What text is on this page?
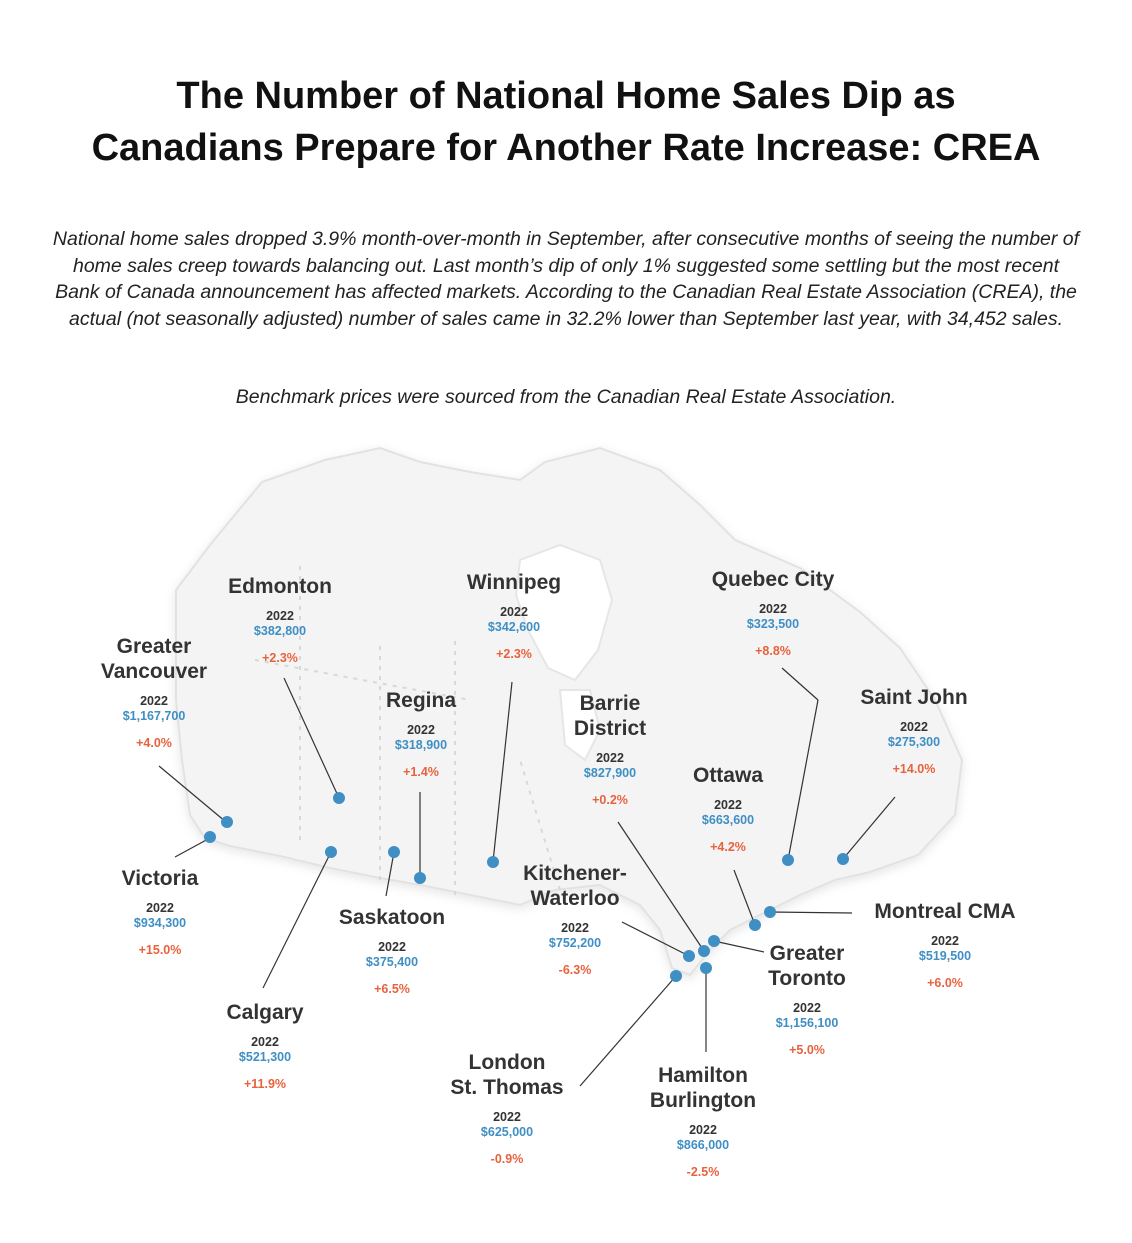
The Number of National Home Sales Dip as
Canadians Prepare for Another Rate Increase: CREA

National home sales dropped 3.9% month-over-month in September, after consecutive months of seeing the number of home sales creep towards balancing out. Last month’s dip of only 1% suggested some settling but the most recent Bank of Canada announcement has affected markets. According to the Canadian Real Estate Association (CREA), the actual (not seasonally adjusted) number of sales came in 32.2% lower than September last year, with 34,452 sales.

Benchmark prices were sourced from the Canadian Real Estate Association.

Greater
Vancouver
2022
$1,167,700
+4.0%
Victoria
2022
$934,300
+15.0%
Edmonton
2022
$382,800
+2.3%
Calgary
2022
$521,300
+11.9%
Regina
2022
$318,900
+1.4%
Saskatoon
2022
$375,400
+6.5%
Winnipeg
2022
$342,600
+2.3%
Barrie
District
2022
$827,900
+0.2%
Kitchener-
Waterloo
2022
$752,200
-6.3%
London
St. Thomas
2022
$625,000
-0.9%
Hamilton
Burlington
2022
$866,000
-2.5%
Greater
Toronto
2022
$1,156,100
+5.0%
Ottawa
2022
$663,600
+4.2%
Quebec City
2022
$323,500
+8.8%
Montreal CMA
2022
$519,500
+6.0%
Saint John
2022
$275,300
+14.0%
